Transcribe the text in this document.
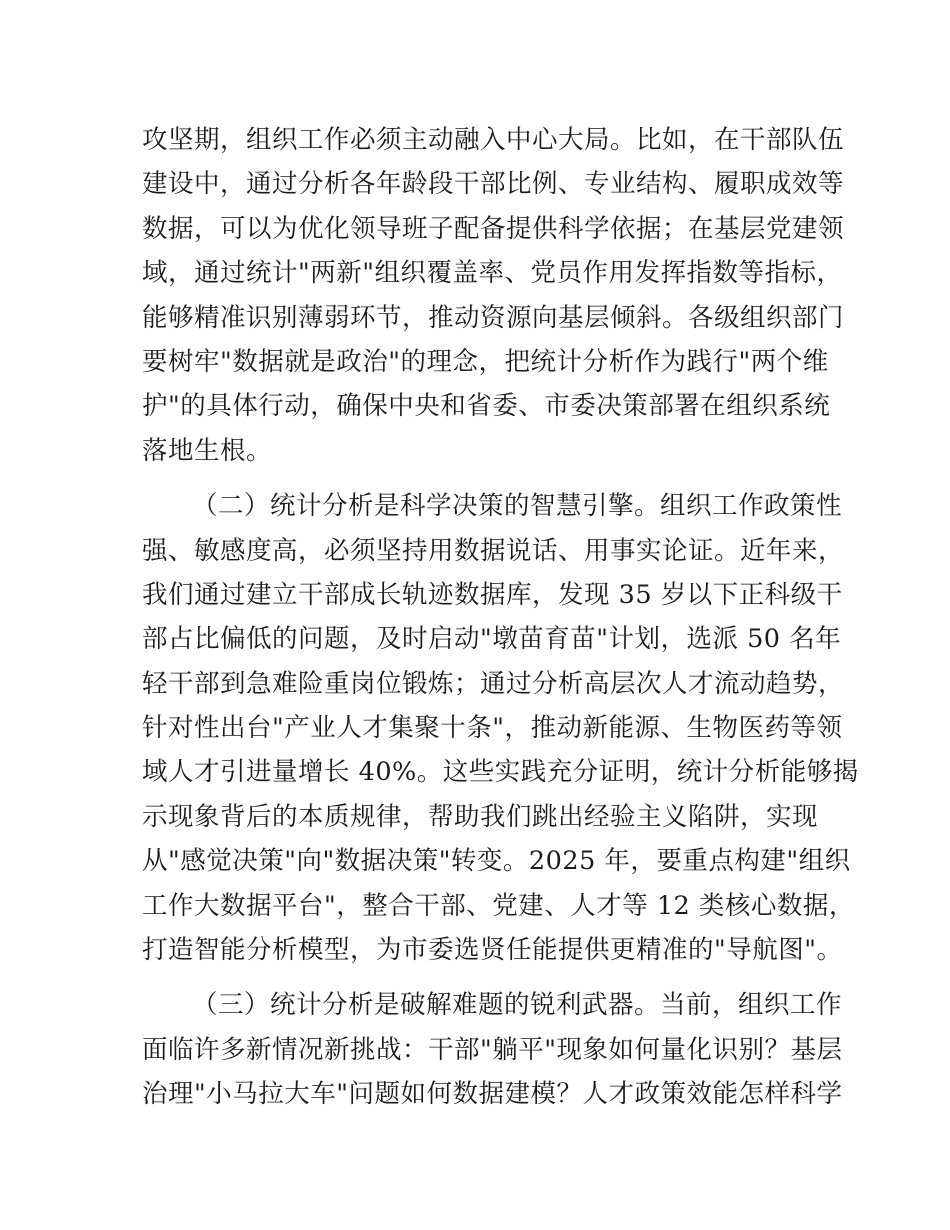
攻坚期，组织工作必须主动融入中心大局。比如，在干部队伍
建设中，通过分析各年龄段干部比例、专业结构、履职成效等
数据，可以为优化领导班子配备提供科学依据；在基层党建领
域，通过统计"两新"组织覆盖率、党员作用发挥指数等指标，
能够精准识别薄弱环节，推动资源向基层倾斜。各级组织部门
要树牢"数据就是政治"的理念，把统计分析作为践行"两个维
护"的具体行动，确保中央和省委、市委决策部署在组织系统
落地生根。
（二）统计分析是科学决策的智慧引擎。组织工作政策性
强、敏感度高，必须坚持用数据说话、用事实论证。近年来，
我们通过建立干部成长轨迹数据库，发现 35 岁以下正科级干
部占比偏低的问题，及时启动"墩苗育苗"计划，选派 50 名年
轻干部到急难险重岗位锻炼；通过分析高层次人才流动趋势，
针对性出台"产业人才集聚十条"，推动新能源、生物医药等领
域人才引进量增长 40%。这些实践充分证明，统计分析能够揭
示现象背后的本质规律，帮助我们跳出经验主义陷阱，实现
从"感觉决策"向"数据决策"转变。2025 年，要重点构建"组织
工作大数据平台"，整合干部、党建、人才等 12 类核心数据，
打造智能分析模型，为市委选贤任能提供更精准的"导航图"。
（三）统计分析是破解难题的锐利武器。当前，组织工作
面临许多新情况新挑战：干部"躺平"现象如何量化识别？基层
治理"小马拉大车"问题如何数据建模？人才政策效能怎样科学
